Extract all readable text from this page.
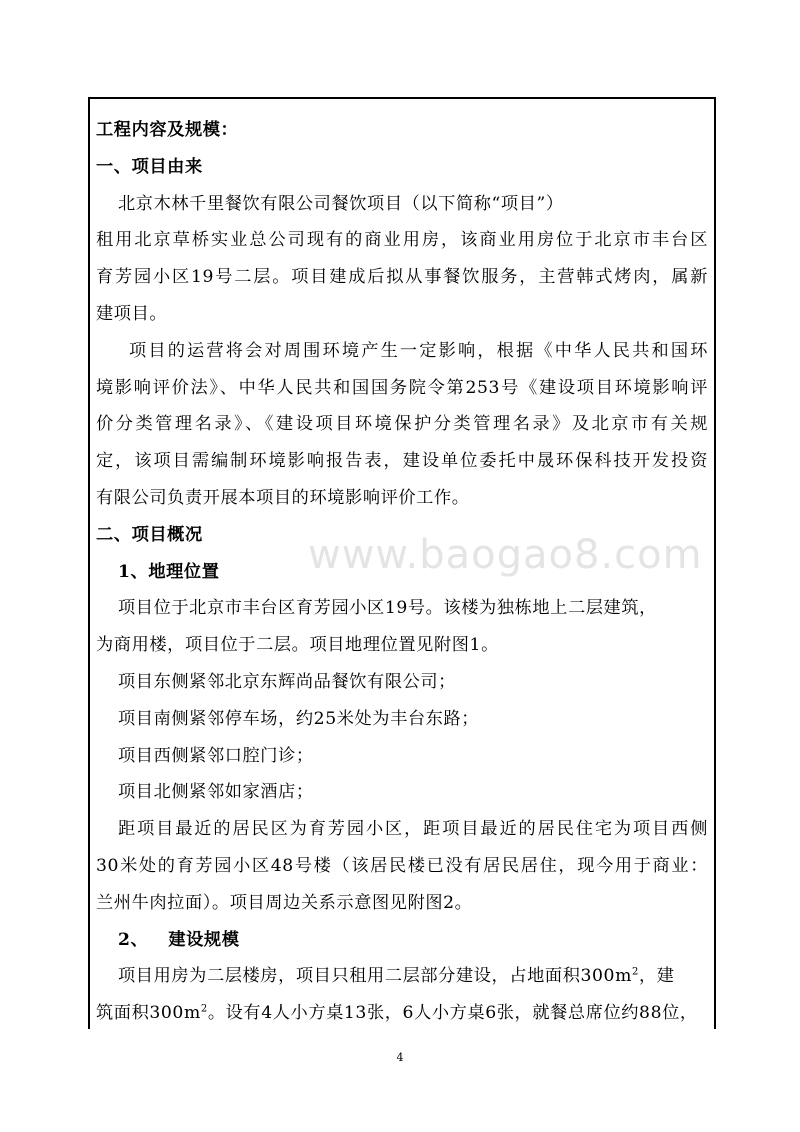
www.baogao8.com
工程内容及规模：
一、项目由来
北京木林千里餐饮有限公司餐饮项目（以下简称“项目”）
租用北京草桥实业总公司现有的商业用房，该商业用房位于北京市丰台区
育芳园小区19号二层。项目建成后拟从事餐饮服务，主营韩式烤肉，属新
建项目。
项目的运营将会对周围环境产生一定影响，根据《中华人民共和国环
境影响评价法》、中华人民共和国国务院令第253号《建设项目环境影响评
价分类管理名录》、《建设项目环境保护分类管理名录》及北京市有关规
定，该项目需编制环境影响报告表，建设单位委托中晟环保科技开发投资
有限公司负责开展本项目的环境影响评价工作。
二、项目概况
1、地理位置
项目位于北京市丰台区育芳园小区19号。该楼为独栋地上二层建筑，
为商用楼，项目位于二层。项目地理位置见附图1。
项目东侧紧邻北京东辉尚品餐饮有限公司；
项目南侧紧邻停车场，约25米处为丰台东路；
项目西侧紧邻口腔门诊；
项目北侧紧邻如家酒店；
距项目最近的居民区为育芳园小区，距项目最近的居民住宅为项目西侧
30米处的育芳园小区48号楼（该居民楼已没有居民居住，现今用于商业：
兰州牛肉拉面）。项目周边关系示意图见附图2。
2、 建设规模
项目用房为二层楼房，项目只租用二层部分建设，占地面积$300m^2$，建
筑面积$300m^2$。设有4人小方桌13张，6人小方桌6张，就餐总席位约88位，
4
